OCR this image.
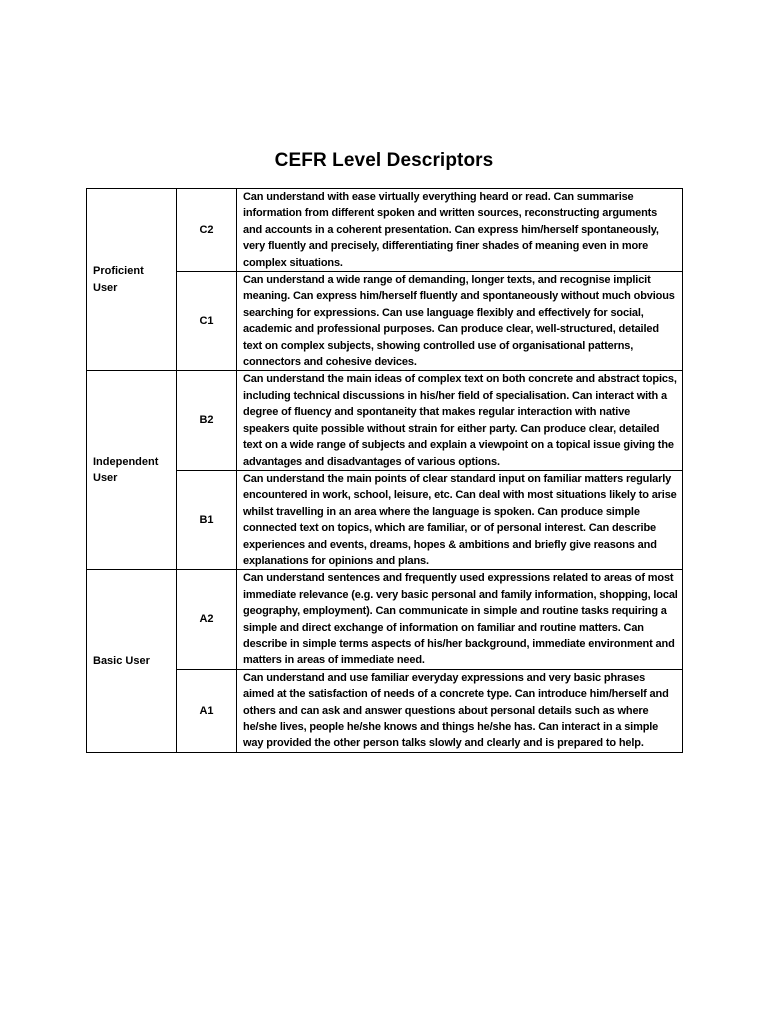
CEFR Level Descriptors
Proficient User	C2	Can understand with ease virtually everything heard or read. Can summarise information from different spoken and written sources, reconstructing arguments and accounts in a coherent presentation. Can express him/herself spontaneously, very fluently and precisely, differentiating finer shades of meaning even in more complex situations.

	C1	Can understand a wide range of demanding, longer texts, and recognise implicit meaning. Can express him/herself fluently and spontaneously without much obvious searching for expressions. Can use language flexibly and effectively for social, academic and professional purposes. Can produce clear, well-structured, detailed text on complex subjects, showing controlled use of organisational patterns, connectors and cohesive devices.

Independent User	B2	Can understand the main ideas of complex text on both concrete and abstract topics, including technical discussions in his/her field of specialisation. Can interact with a degree of fluency and spontaneity that makes regular interaction with native speakers quite possible without strain for either party. Can produce clear, detailed text on a wide range of subjects and explain a viewpoint on a topical issue giving the advantages and disadvantages of various options.

	B1	Can understand the main points of clear standard input on familiar matters regularly encountered in work, school, leisure, etc. Can deal with most situations likely to arise whilst travelling in an area where the language is spoken. Can produce simple connected text on topics, which are familiar, or of personal interest. Can describe experiences and events, dreams, hopes & ambitions and briefly give reasons and explanations for opinions and plans.

Basic User	A2	Can understand sentences and frequently used expressions related to areas of most immediate relevance (e.g. very basic personal and family information, shopping, local geography, employment). Can communicate in simple and routine tasks requiring a simple and direct exchange of information on familiar and routine matters. Can describe in simple terms aspects of his/her background, immediate environment and matters in areas of immediate need.

	A1	Can understand and use familiar everyday expressions and very basic phrases aimed at the satisfaction of needs of a concrete type. Can introduce him/herself and others and can ask and answer questions about personal details such as where he/she lives, people he/she knows and things he/she has. Can interact in a simple way provided the other person talks slowly and clearly and is prepared to help.
